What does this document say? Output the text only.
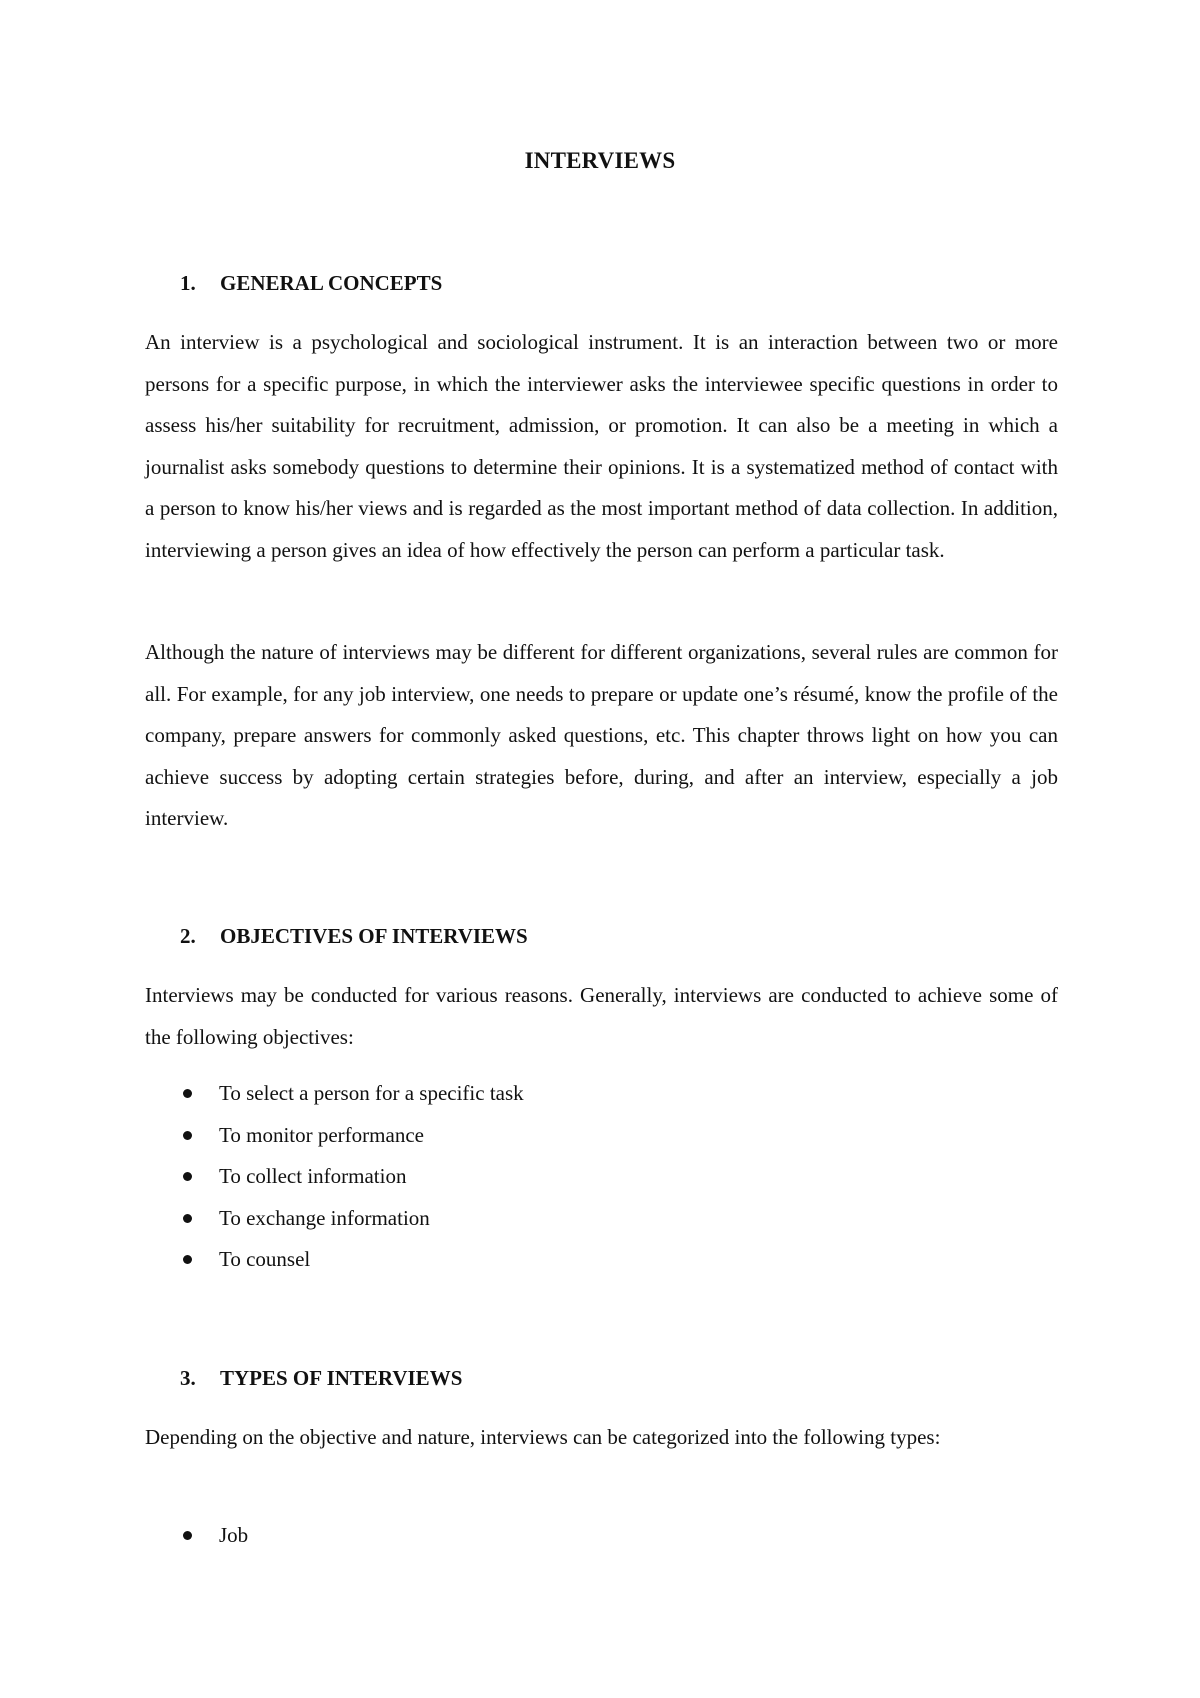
INTERVIEWS
1. GENERAL CONCEPTS

An interview is a psychological and sociological instrument. It is an interaction between two or more persons for a specific purpose, in which the interviewer asks the interviewee specific questions in order to assess his/her suitability for recruitment, admission, or promotion. It can also be a meeting in which a journalist asks somebody questions to determine their opinions. It is a systematized method of contact with a person to know his/her views and is regarded as the most important method of data collection. In addition, interviewing a person gives an idea of how effectively the person can perform a particular task.

Although the nature of interviews may be different for different organizations, several rules are common for all. For example, for any job interview, one needs to prepare or update one’s résumé, know the profile of the company, prepare answers for commonly asked questions, etc. This chapter throws light on how you can achieve success by adopting certain strategies before, during, and after an interview, especially a job interview.

2. OBJECTIVES OF INTERVIEWS

Interviews may be conducted for various reasons. Generally, interviews are conducted to achieve some of the following objectives:

To select a person for a specific task
To monitor performance
To collect information
To exchange information
To counsel
3. TYPES OF INTERVIEWS

Depending on the objective and nature, interviews can be categorized into the following types:

Job
